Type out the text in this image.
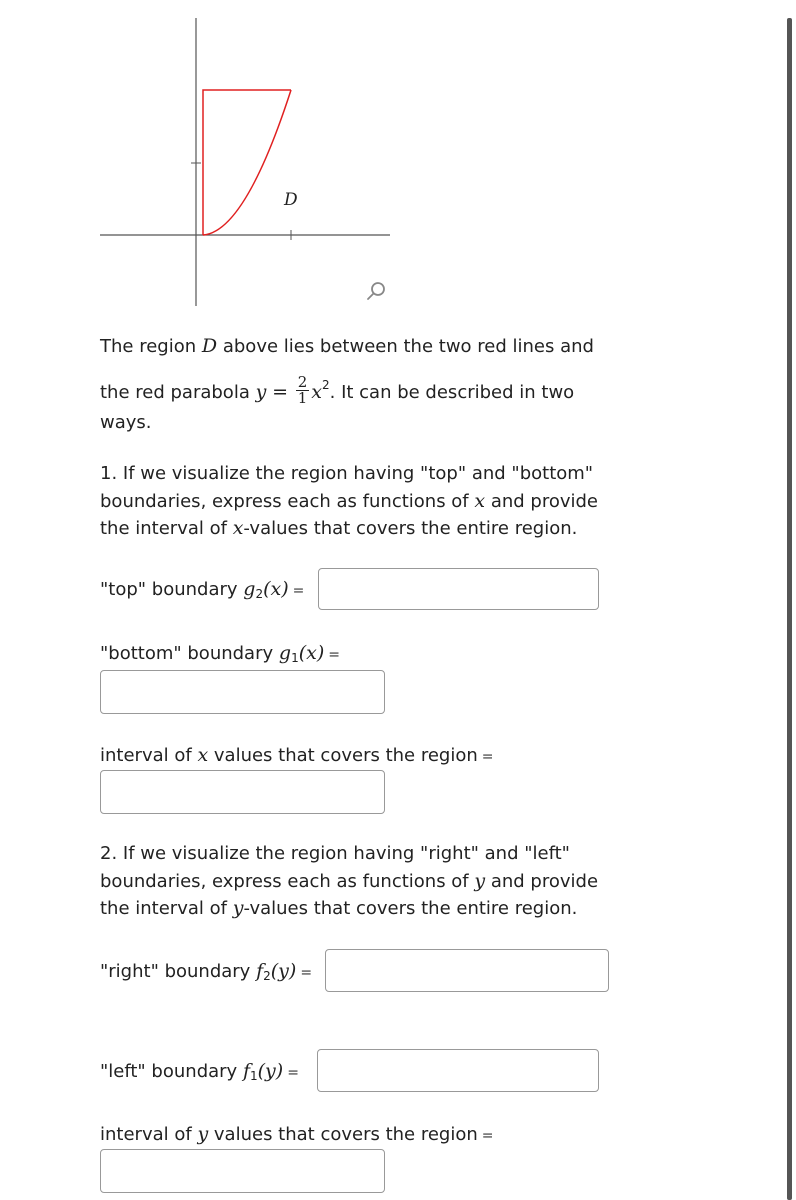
D
The region D above lies between the two red lines and
the red parabola $y = \frac{2}{1} x^2$. It can be described in two
ways.
1. If we visualize the region having "top" and "bottom"
boundaries, express each as functions of x and provide
the interval of x-values that covers the entire region.
"top" boundary $g_2(x)$ =
"bottom" boundary $g_1(x)$ =
interval of x values that covers the region =
2. If we visualize the region having "right" and "left"
boundaries, express each as functions of y and provide
the interval of y-values that covers the entire region.
"right" boundary $f_2(y)$ =
"left" boundary $f_1(y)$ =
interval of y values that covers the region =
